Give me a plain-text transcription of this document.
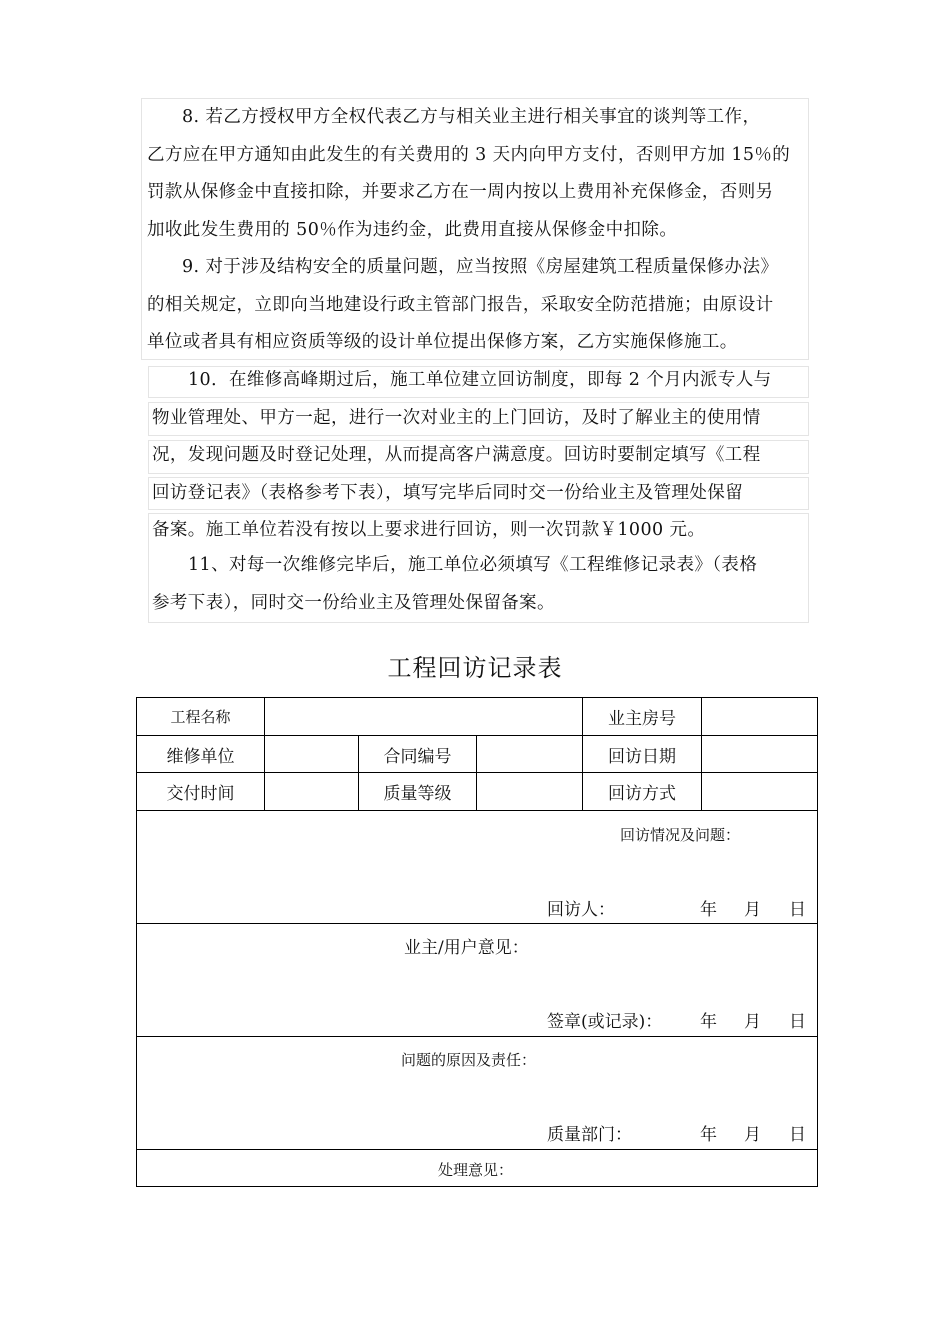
8. 若乙方授权甲方全权代表乙方与相关业主进行相关事宜的谈判等工作，
乙方应在甲方通知由此发生的有关费用的 3 天内向甲方支付，否则甲方加 15％的
罚款从保修金中直接扣除，并要求乙方在一周内按以上费用补充保修金，否则另
加收此发生费用的 50％作为违约金，此费用直接从保修金中扣除。
9. 对于涉及结构安全的质量问题，应当按照《房屋建筑工程质量保修办法》
的相关规定，立即向当地建设行政主管部门报告，采取安全防范措施；由原设计
单位或者具有相应资质等级的设计单位提出保修方案，乙方实施保修施工。
10．在维修高峰期过后，施工单位建立回访制度，即每 2 个月内派专人与
物业管理处、甲方一起，进行一次对业主的上门回访，及时了解业主的使用情
况，发现问题及时登记处理，从而提高客户满意度。回访时要制定填写《工程
回访登记表》（表格参考下表），填写完毕后同时交一份给业主及管理处保留
备案。施工单位若没有按以上要求进行回访，则一次罚款￥1000 元。
11、对每一次维修完毕后，施工单位必须填写《工程维修记录表》（表格
参考下表），同时交一份给业主及管理处保留备案。
工程回访记录表
工程名称				业主房号	
维修单位		合同编号		回访日期	
交付时间		质量等级		回访方式	

回访情况及问题：
回访人： 年 月 日					

业主/用户意见：
签章(或记录)： 年 月 日					

问题的原因及责任：
质量部门： 年 月 日					

处理意见：					
